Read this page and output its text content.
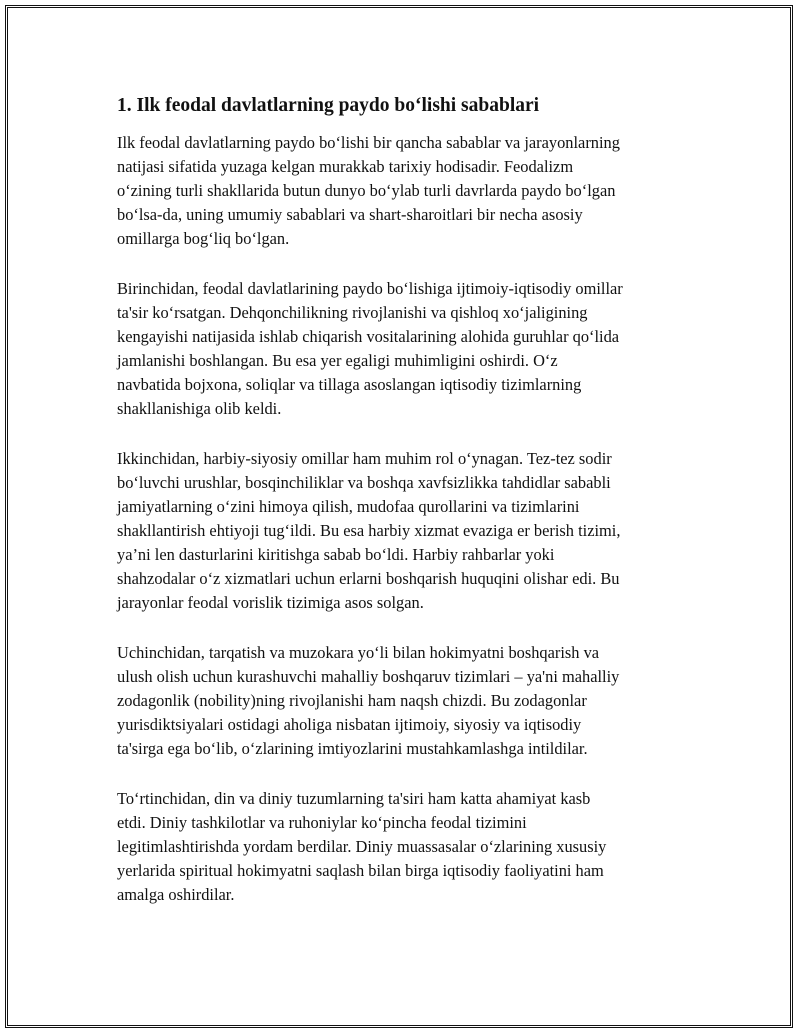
1. Ilk feodal davlatlarning paydo bo‘lishi sabablari

Ilk feodal davlatlarning paydo bo‘lishi bir qancha sabablar va jarayonlarning
natijasi sifatida yuzaga kelgan murakkab tarixiy hodisadir. Feodalizm
o‘zining turli shakllarida butun dunyo bo‘ylab turli davrlarda paydo bo‘lgan
bo‘lsa-da, uning umumiy sabablari va shart-sharoitlari bir necha asosiy
omillarga bog‘liq bo‘lgan.

Birinchidan, feodal davlatlarining paydo bo‘lishiga ijtimoiy-iqtisodiy omillar
ta'sir ko‘rsatgan. Dehqonchilikning rivojlanishi va qishloq xo‘jaligining
kengayishi natijasida ishlab chiqarish vositalarining alohida guruhlar qo‘lida
jamlanishi boshlangan. Bu esa yer egaligi muhimligini oshirdi. O‘z
navbatida bojxona, soliqlar va tillaga asoslangan iqtisodiy tizimlarning
shakllanishiga olib keldi.

Ikkinchidan, harbiy-siyosiy omillar ham muhim rol o‘ynagan. Tez-tez sodir
bo‘luvchi urushlar, bosqinchiliklar va boshqa xavfsizlikka tahdidlar sababli
jamiyatlarning o‘zini himoya qilish, mudofaa qurollarini va tizimlarini
shakllantirish ehtiyoji tug‘ildi. Bu esa harbiy xizmat evaziga er berish tizimi,
ya’ni len dasturlarini kiritishga sabab bo‘ldi. Harbiy rahbarlar yoki
shahzodalar o‘z xizmatlari uchun erlarni boshqarish huquqini olishar edi. Bu
jarayonlar feodal vorislik tizimiga asos solgan.

Uchinchidan, tarqatish va muzokara yo‘li bilan hokimyatni boshqarish va
ulush olish uchun kurashuvchi mahalliy boshqaruv tizimlari – ya'ni mahalliy
zodagonlik (nobility)ning rivojlanishi ham naqsh chizdi. Bu zodagonlar
yurisdiktsiyalari ostidagi aholiga nisbatan ijtimoiy, siyosiy va iqtisodiy
ta'sirga ega bo‘lib, o‘zlarining imtiyozlarini mustahkamlashga intildilar.

To‘rtinchidan, din va diniy tuzumlarning ta'siri ham katta ahamiyat kasb
etdi. Diniy tashkilotlar va ruhoniylar ko‘pincha feodal tizimini
legitimlashtirishda yordam berdilar. Diniy muassasalar o‘zlarining xususiy
yerlarida spiritual hokimyatni saqlash bilan birga iqtisodiy faoliyatini ham
amalga oshirdilar.
